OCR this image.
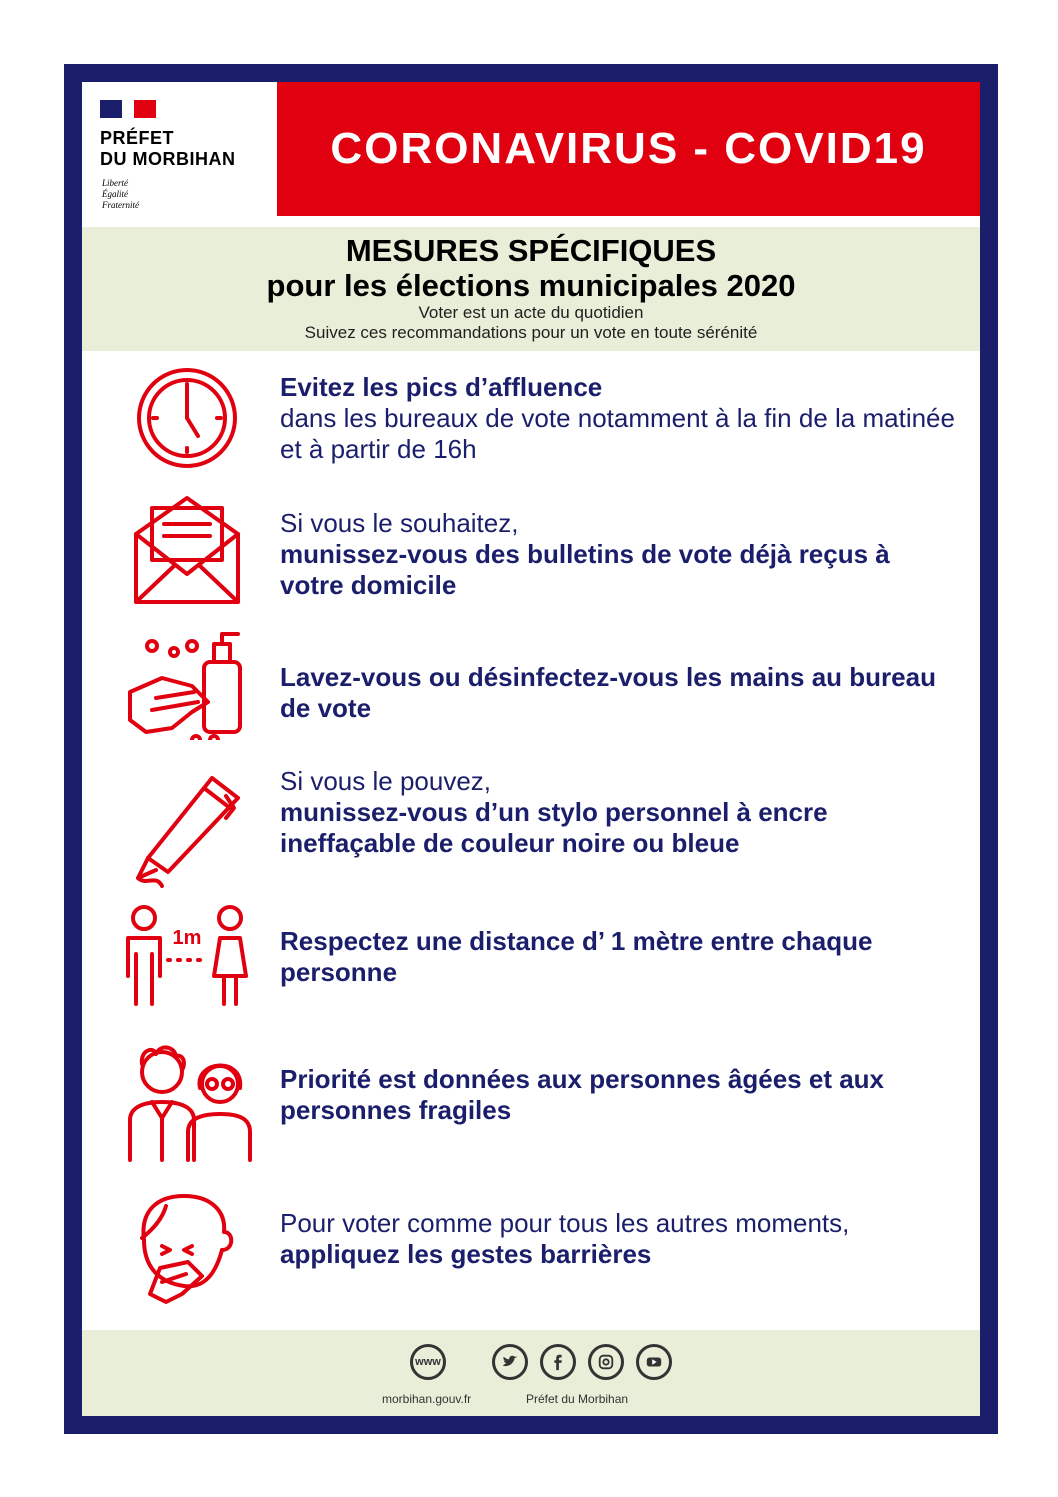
PRÉFET
DU MORBIHAN
Liberté
Égalité
Fraternité
CORONAVIRUS - COVID19
MESURES SPÉCIFIQUES
pour les élections municipales 2020
Voter est un acte du quotidien
Suivez ces recommandations pour un vote en toute sérénité
Evitez les pics d’affluence
dans les bureaux de vote notamment à la fin de la matinée et à partir de 16h
Si vous le souhaitez,
munissez-vous des bulletins de vote déjà reçus à votre domicile
Lavez-vous ou désinfectez-vous les mains au bureau de vote
Si vous le pouvez,
munissez-vous d’un stylo personnel à encre ineffaçable de couleur noire ou bleue
1m	Respectez une distance d’ 1 mètre entre chaque personne
Priorité est données aux personnes âgées et aux personnes fragiles
Pour voter comme pour tous les autres moments,
appliquez les gestes barrières
www
morbihan.gouv.fr	Préfet du Morbihan
